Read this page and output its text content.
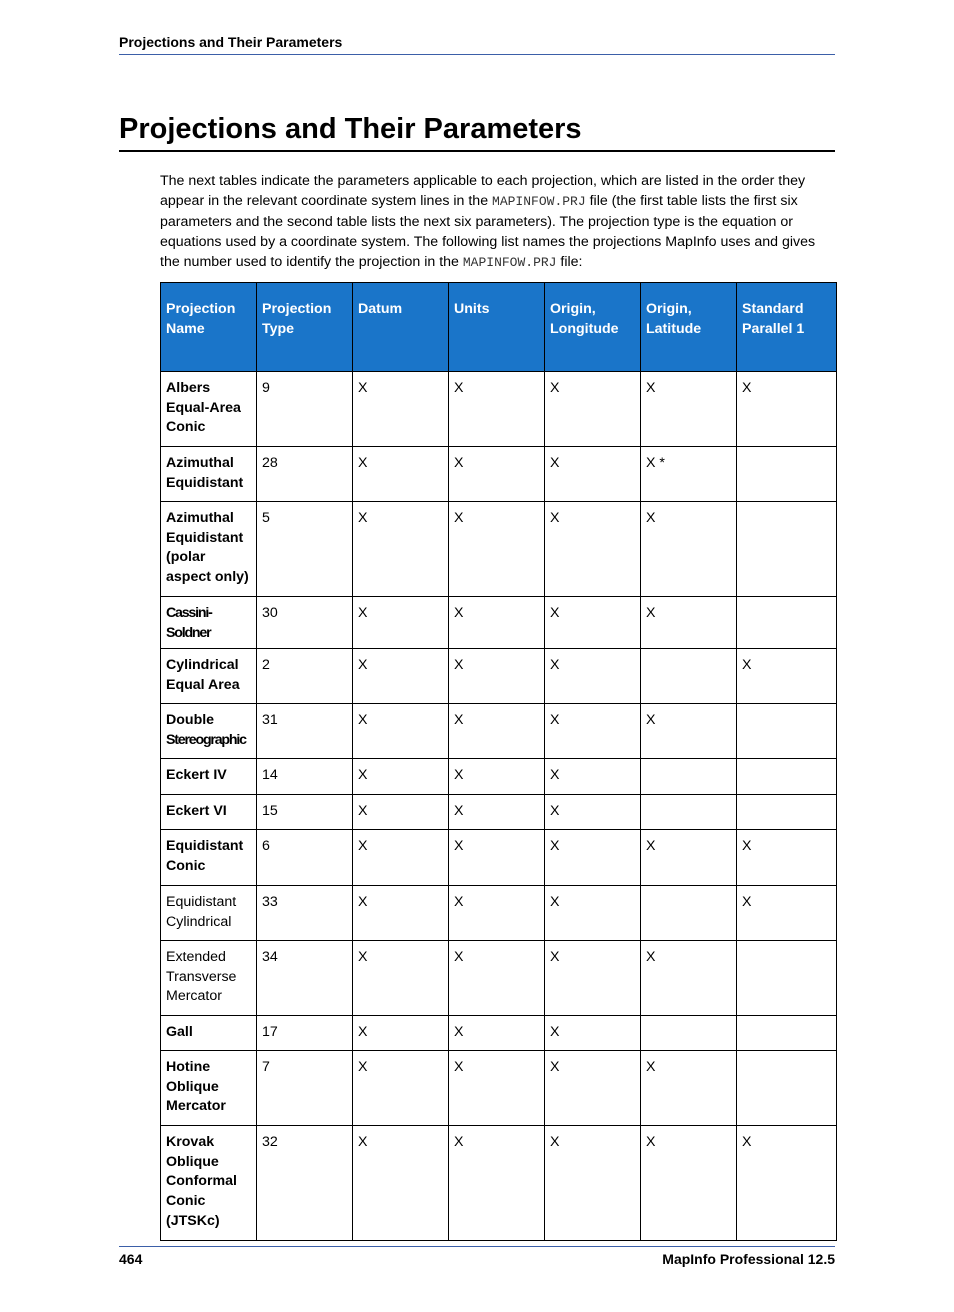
Projections and Their Parameters
Projections and Their Parameters

The next tables indicate the parameters applicable to each projection, which are listed in the order they appear in the relevant coordinate system lines in the MAPINFOW.PRJ file (the first table lists the first six parameters and the second table lists the next six parameters). The projection type is the equation or equations used by a coordinate system. The following list names the projections MapInfo uses and gives the number used to identify the projection in the MAPINFOW.PRJ file:

Projection Name	Projection Type	Datum	Units	Origin, Longitude	Origin, Latitude	Standard Parallel 1
Albers Equal-Area Conic	9	X	X	X	X	X
Azimuthal Equidistant	28	X	X	X	X *	
Azimuthal Equidistant (polar aspect only)	5	X	X	X	X	
Cassini-Soldner	30	X	X	X	X	
Cylindrical Equal Area	2	X	X	X		X
Double
Stereographic	31	X	X	X	X	
Eckert IV	14	X	X	X		
Eckert VI	15	X	X	X		
Equidistant Conic	6	X	X	X	X	X
Equidistant Cylindrical	33	X	X	X		X
Extended Transverse Mercator	34	X	X	X	X	
Gall	17	X	X	X		
Hotine Oblique Mercator	7	X	X	X	X	
Krovak Oblique Conformal Conic (JTSKc)	32	X	X	X	X	X
464	MapInfo Professional 12.5
